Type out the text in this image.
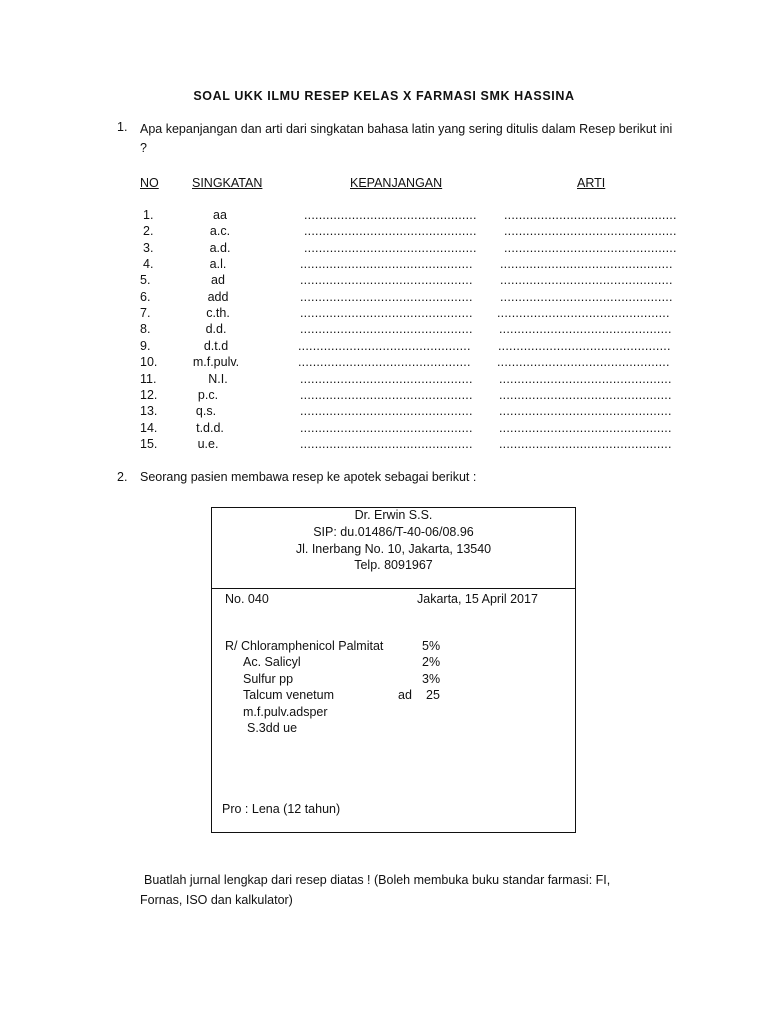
SOAL UKK ILMU RESEP KELAS X FARMASI SMK HASSINA
1. Apa kepanjangan dan arti dari singkatan bahasa latin yang sering ditulis dalam Resep berikut ini ?
NO	SINGKATAN	KEPANJANGAN	ARTI
1.	aa	............................................... ...............................................
2.	a.c.	............................................... ...............................................
3.	a.d.	............................................... ...............................................
4.	a.l.	............................................... ...............................................
5.	ad	............................................... ...............................................
6.	add	............................................... ...............................................
7.	c.th.	............................................... ...............................................
8.	d.d.	............................................... ...............................................
9.	d.t.d	............................................... ...............................................
10.	m.f.pulv.	............................................... ...............................................
11.	N.I.	............................................... ...............................................
12.	p.c.	............................................... ...............................................
13.	q.s.	............................................... ...............................................
14.	t.d.d.	............................................... ...............................................
15.	u.e.	............................................... ...............................................
2. Seorang pasien membawa resep ke apotek sebagai berikut :
Dr. Erwin S.S.
SIP: du.01486/T-40-06/08.96
Jl. Inerbang No. 10, Jakarta, 13540
Telp. 8091967
No. 040	Jakarta, 15 April 2017
R/ Chloramphenicol Palmitat	5%
Ac. Salicyl	2%
Sulfur pp	3%
Talcum venetum	ad 25
m.f.pulv.adsper
S.3dd ue
Pro : Lena (12 tahun)
Buatlah jurnal lengkap dari resep diatas ! (Boleh membuka buku standar farmasi: FI,
Fornas, ISO dan kalkulator)
